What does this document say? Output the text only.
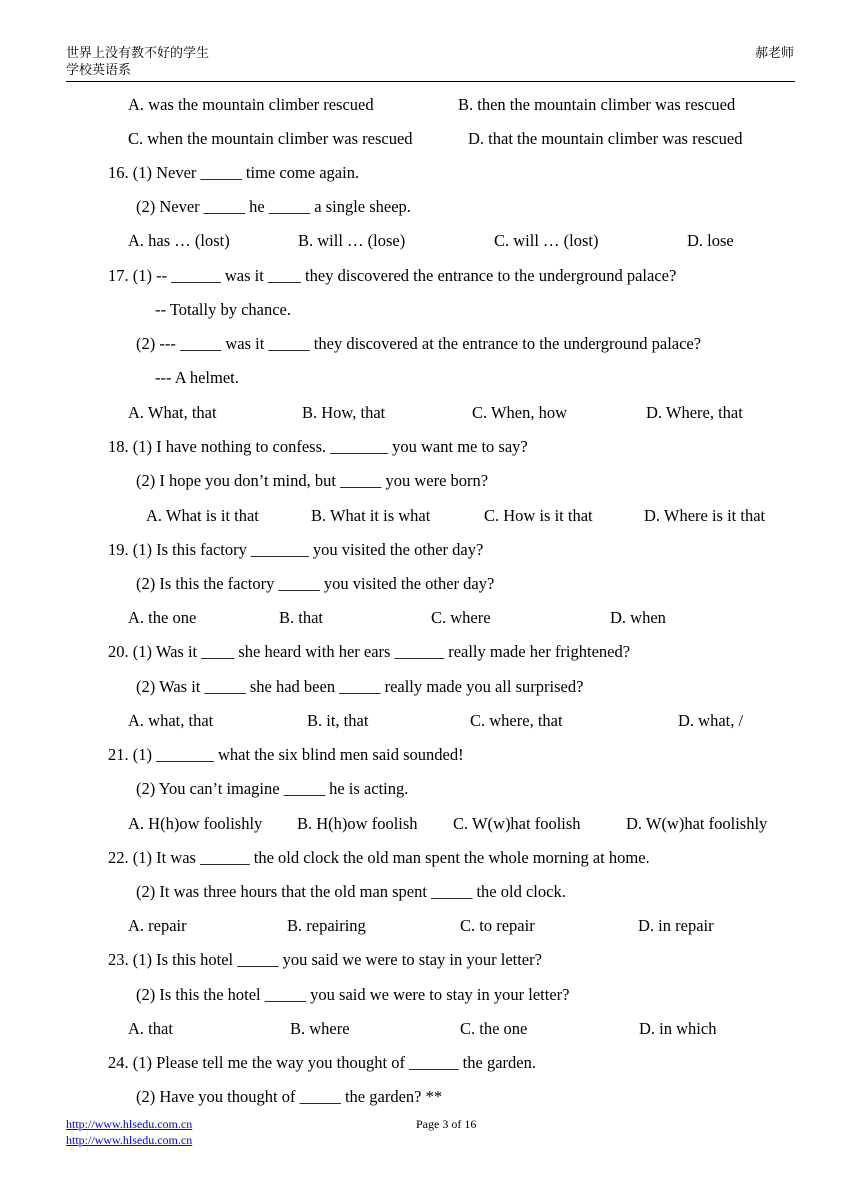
世界上没有教不好的学生
学校英语系
郝老师
A. was the mountain climber rescued	B. then the mountain climber was rescued
C. when the mountain climber was rescued	D. that the mountain climber was rescued
16. (1) Never _____ time come again.
(2) Never _____ he _____ a single sheep.
A. has … (lost)	B. will … (lose)	C. will … (lost)	D. lose
17. (1) -- ______ was it ____ they discovered the entrance to the underground palace?
-- Totally by chance.
(2) --- _____ was it _____ they discovered at the entrance to the underground palace?
--- A helmet.
A. What, that	B. How, that	C. When, how	D. Where, that
18. (1) I have nothing to confess. _______ you want me to say?
(2) I hope you don’t mind, but _____ you were born?
A. What is it that	B. What it is what	C. How is it that	D. Where is it that
19. (1) Is this factory _______ you visited the other day?
(2) Is this the factory _____ you visited the other day?
A. the one	B. that	C. where	D. when
20. (1) Was it ____ she heard with her ears ______ really made her frightened?
(2) Was it _____ she had been _____ really made you all surprised?
A. what, that	B. it, that	C. where, that	D. what, /
21. (1) _______ what the six blind men said sounded!
(2) You can’t imagine _____ he is acting.
A. H(h)ow foolishly B. H(h)ow foolish C. W(w)hat foolish	D. W(w)hat foolishly
22. (1) It was ______ the old clock the old man spent the whole morning at home.
(2) It was three hours that the old man spent _____ the old clock.
A. repair	B. repairing	C. to repair	D. in repair
23. (1) Is this hotel _____ you said we were to stay in your letter?
(2) Is this the hotel _____ you said we were to stay in your letter?
A. that	B. where	C. the one	D. in which
24. (1) Please tell me the way you thought of ______ the garden.
(2) Have you thought of _____ the garden? **
http://www.hlsedu.com.cn
http://www.hlsedu.com.cn
Page 3 of 16
